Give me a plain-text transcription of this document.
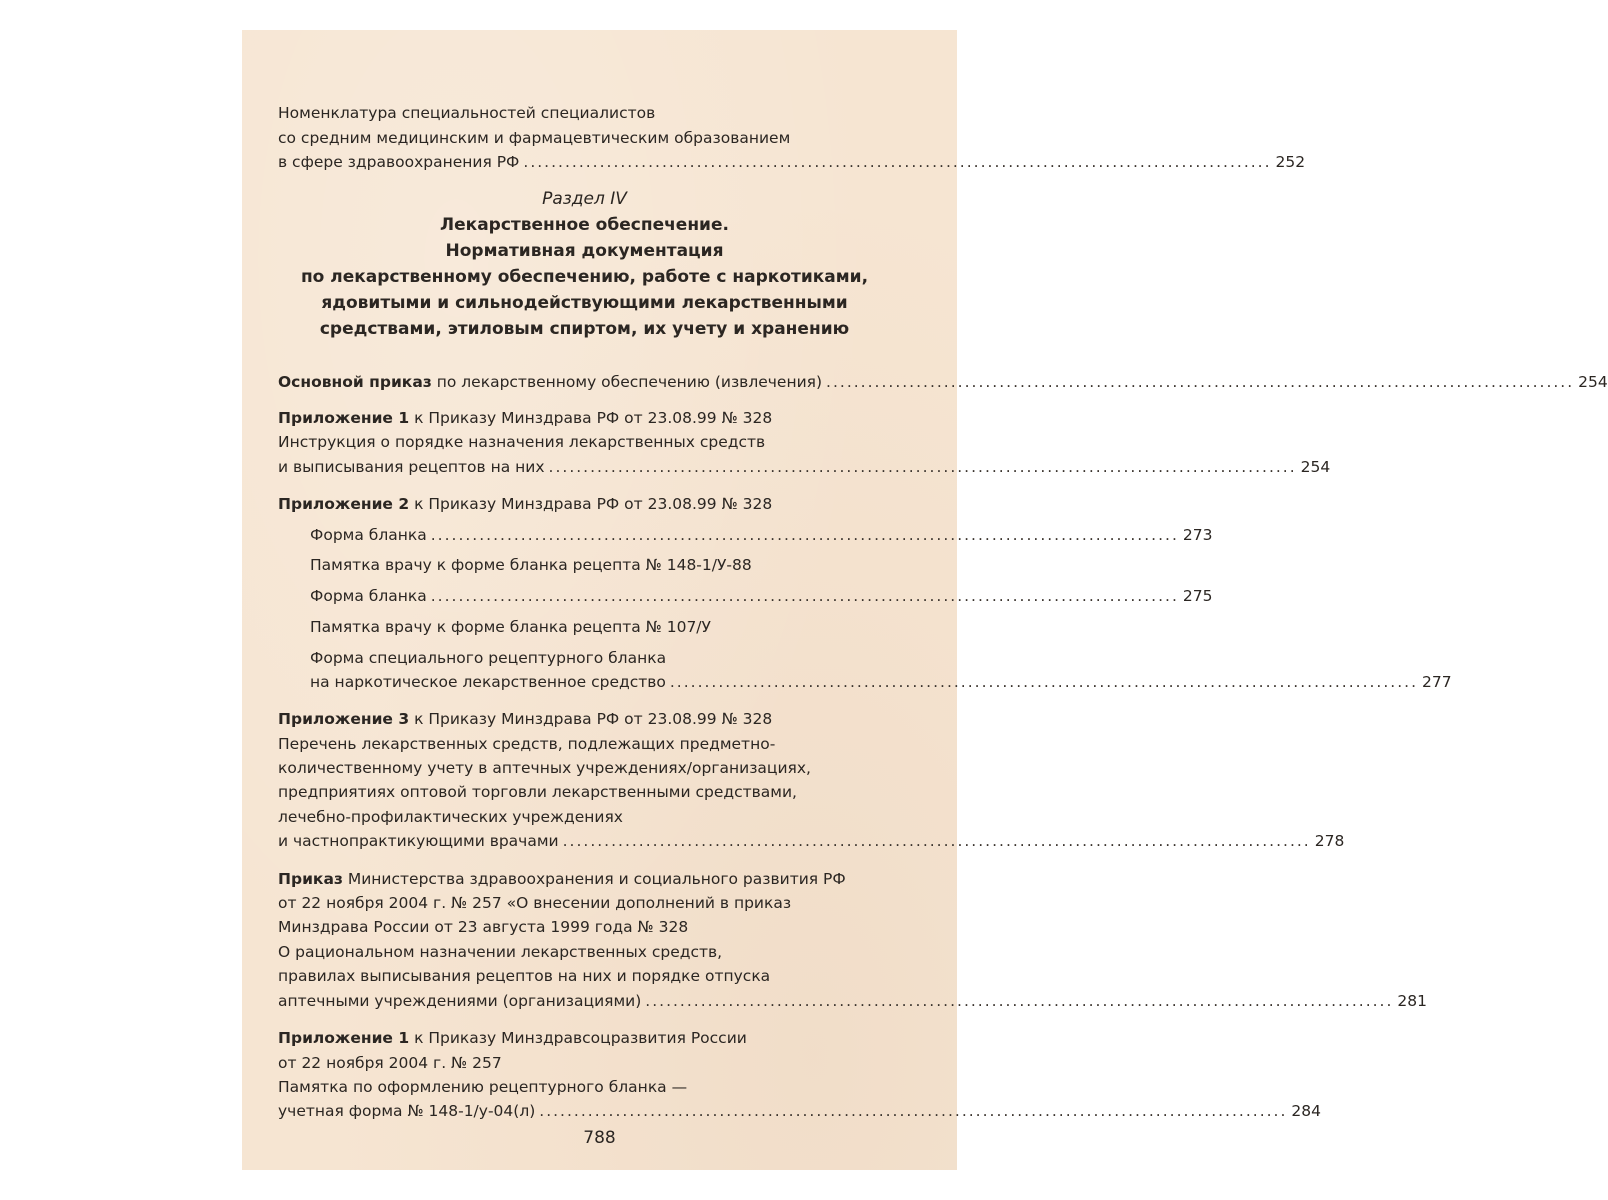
Номенклатура специальностей специалистов
со средним медицинским и фармацевтическим образованием
в сфере здравоохранения РФ ............................................................................................................ 252
Раздел IV
Лекарственное обеспечение.
Нормативная документация
по лекарственному обеспечению, работе с наркотиками,
ядовитыми и сильнодействующими лекарственными
средствами, этиловым спиртом, их учету и хранению
Основной приказ по лекарственному обеспечению (извлечения) ............................................................................................................ 254
Приложение 1 к Приказу Минздрава РФ от 23.08.99 № 328
Инструкция о порядке назначения лекарственных средств
и выписывания рецептов на них ............................................................................................................ 254
Приложение 2 к Приказу Минздрава РФ от 23.08.99 № 328
Форма бланка ............................................................................................................ 273
Памятка врачу к форме бланка рецепта № 148-1/У-88
Форма бланка ............................................................................................................ 275
Памятка врачу к форме бланка рецепта № 107/У
Форма специального рецептурного бланка
на наркотическое лекарственное средство ............................................................................................................ 277
Приложение 3 к Приказу Минздрава РФ от 23.08.99 № 328
Перечень лекарственных средств, подлежащих предметно-
количественному учету в аптечных учреждениях/организациях,
предприятиях оптовой торговли лекарственными средствами,
лечебно-профилактических учреждениях
и частнопрактикующими врачами ............................................................................................................ 278
Приказ Министерства здравоохранения и социального развития РФ
от 22 ноября 2004 г. № 257 «О внесении дополнений в приказ
Минздрава России от 23 августа 1999 года № 328
О рациональном назначении лекарственных средств,
правилах выписывания рецептов на них и порядке отпуска
аптечными учреждениями (организациями) ............................................................................................................ 281
Приложение 1 к Приказу Минздравсоцразвития России
от 22 ноября 2004 г. № 257
Памятка по оформлению рецептурного бланка —
учетная форма № 148-1/у-04(л) ............................................................................................................ 284
788
